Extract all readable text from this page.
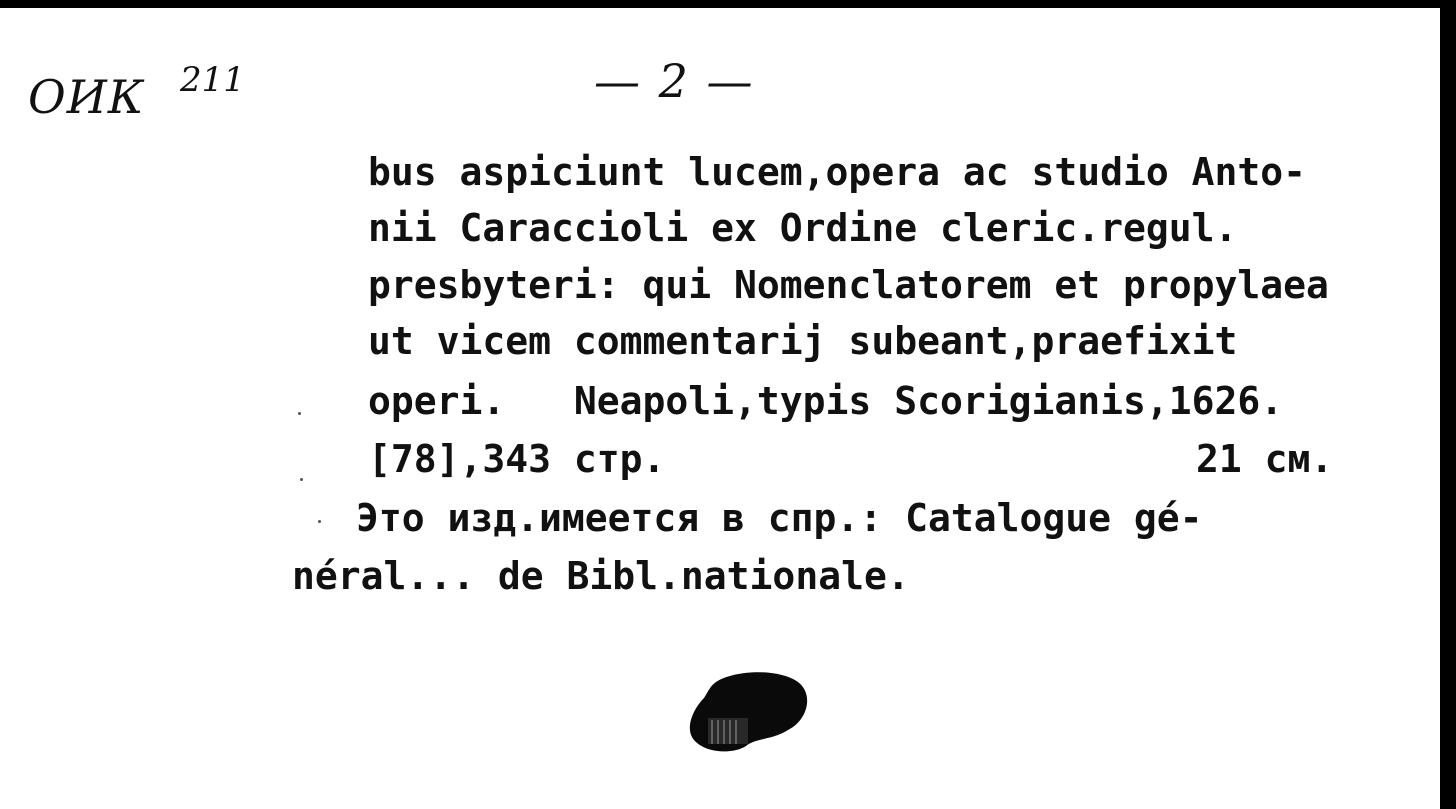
ОИК 211	— 2 —
bus aspiciunt lucem,opera ac studio Anto-
nii Caraccioli ex Ordine cleric.regul.
presbyteri: qui Nomenclatorem et propylaea
ut vicem commentarij subeant,praefixit
operi.   Neapoli,typis Scorigianis,1626.
[78],343 стр.	21 см.
Это изд.имеется в спр.: Catalogue gé-
néral... de Bibl.nationale.
